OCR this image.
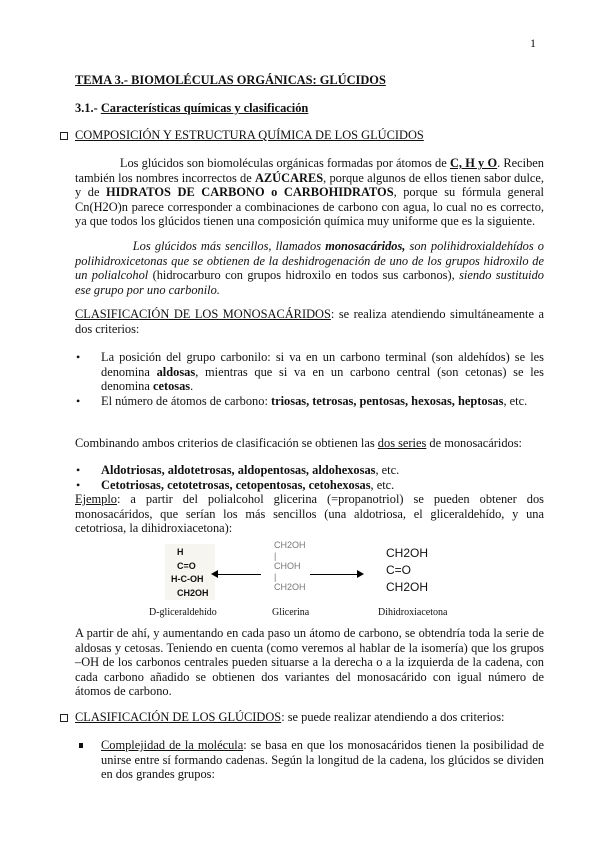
1
TEMA 3.- BIOMOLÉCULAS ORGÁNICAS: GLÚCIDOS
3.1.- Características químicas y clasificación
COMPOSICIÓN Y ESTRUCTURA QUÍMICA DE LOS GLÚCIDOS
Los glúcidos son biomoléculas orgánicas formadas por átomos de C, H y O. Reciben también los nombres incorrectos de AZÚCARES, porque algunos de ellos tienen sabor dulce, y de HIDRATOS DE CARBONO o CARBOHIDRATOS, porque su fórmula general Cn(H2O)n parece corresponder a combinaciones de carbono con agua, lo cual no es correcto, ya que todos los glúcidos tienen una composición química muy uniforme que es la siguiente.
Los glúcidos más sencillos, llamados monosacáridos, son polihidroxialdehídos o polihidroxicetonas que se obtienen de la deshidrogenación de uno de los grupos hidroxilo de un polialcohol (hidrocarburo con grupos hidroxilo en todos sus carbonos), siendo sustituido ese grupo por uno carbonilo.
CLASIFICACIÓN DE LOS MONOSACÁRIDOS: se realiza atendiendo simultáneamente a dos criterios:
• La posición del grupo carbonilo: si va en un carbono terminal (son aldehídos) se les denomina aldosas, mientras que si va en un carbono central (son cetonas) se les denomina cetosas.
• El número de átomos de carbono: triosas, tetrosas, pentosas, hexosas, heptosas, etc.
Combinando ambos criterios de clasificación se obtienen las dos series de monosacáridos:
• Aldotriosas, aldotetrosas, aldopentosas, aldohexosas, etc.
• Cetotriosas, cetotetrosas, cetopentosas, cetohexosas, etc.
Ejemplo: a partir del polialcohol glicerina (=propanotriol) se pueden obtener dos monosacáridos, que serían los más sencillos (una aldotriosa, el gliceraldehído, y una cetotriosa, la dihidroxiacetona):
H
C=O
H-C-OH
CH2OH
CH2OH
|
CHOH
|
CH2OH
CH2OH
C=O
CH2OH
D-gliceraldehído	Glicerina	Dihidroxiacetona
A partir de ahí, y aumentando en cada paso un átomo de carbono, se obtendría toda la serie de aldosas y cetosas. Teniendo en cuenta (como veremos al hablar de la isomería) que los grupos –OH de los carbonos centrales pueden situarse a la derecha o a la izquierda de la cadena, con cada carbono añadido se obtienen dos variantes del monosacárido con igual número de átomos de carbono.
CLASIFICACIÓN DE LOS GLÚCIDOS: se puede realizar atendiendo a dos criterios:
Complejidad de la molécula: se basa en que los monosacáridos tienen la posibilidad de unirse entre sí formando cadenas. Según la longitud de la cadena, los glúcidos se dividen en dos grandes grupos:
